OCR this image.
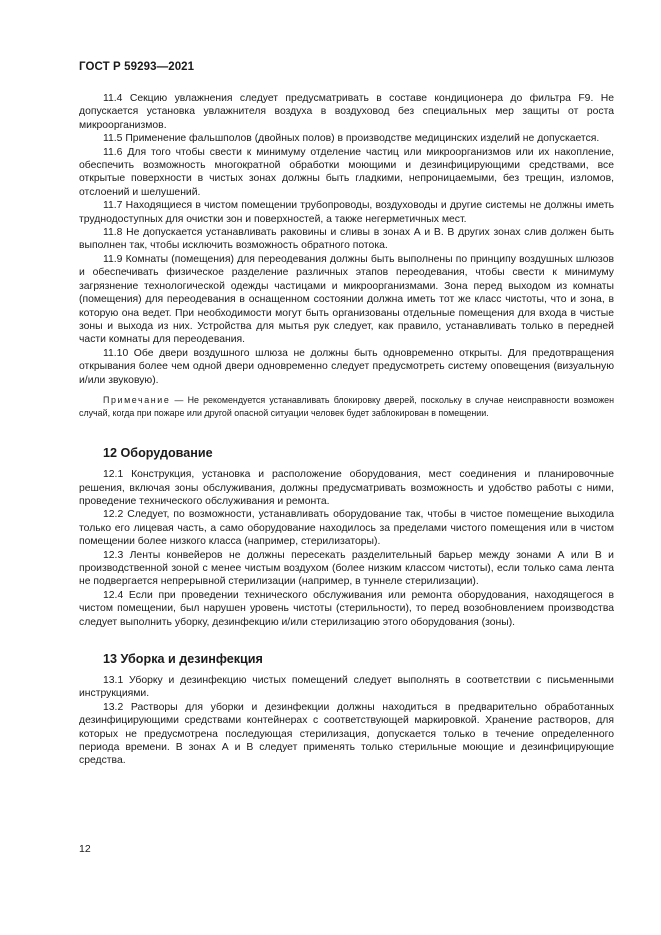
ГОСТ Р 59293—2021

11.4 Секцию увлажнения следует предусматривать в составе кондиционера до фильтра F9. Не допускается установка увлажнителя воздуха в воздуховод без специальных мер защиты от роста микроорганизмов.

11.5 Применение фальшполов (двойных полов) в производстве медицинских изделий не допускается.

11.6 Для того чтобы свести к минимуму отделение частиц или микроорганизмов или их накопление, обеспечить возможность многократной обработки моющими и дезинфицирующими средствами, все открытые поверхности в чистых зонах должны быть гладкими, непроницаемыми, без трещин, изломов, отслоений и шелушений.

11.7 Находящиеся в чистом помещении трубопроводы, воздуховоды и другие системы не должны иметь труднодоступных для очистки зон и поверхностей, а также негерметичных мест.

11.8 Не допускается устанавливать раковины и сливы в зонах А и В. В других зонах слив должен быть выполнен так, чтобы исключить возможность обратного потока.

11.9 Комнаты (помещения) для переодевания должны быть выполнены по принципу воздушных шлюзов и обеспечивать физическое разделение различных этапов переодевания, чтобы свести к минимуму загрязнение технологической одежды частицами и микроорганизмами. Зона перед выходом из комнаты (помещения) для переодевания в оснащенном состоянии должна иметь тот же класс чистоты, что и зона, в которую она ведет. При необходимости могут быть организованы отдельные помещения для входа в чистые зоны и выхода из них. Устройства для мытья рук следует, как правило, устанавливать только в передней части комнаты для переодевания.

11.10 Обе двери воздушного шлюза не должны быть одновременно открыты. Для предотвращения открывания более чем одной двери одновременно следует предусмотреть систему оповещения (визуальную и/или звуковую).

Примечание — Не рекомендуется устанавливать блокировку дверей, поскольку в случае неисправности возможен случай, когда при пожаре или другой опасной ситуации человек будет заблокирован в помещении.

12 Оборудование

12.1 Конструкция, установка и расположение оборудования, мест соединения и планировочные решения, включая зоны обслуживания, должны предусматривать возможность и удобство работы с ними, проведение технического обслуживания и ремонта.

12.2 Следует, по возможности, устанавливать оборудование так, чтобы в чистое помещение выходила только его лицевая часть, а само оборудование находилось за пределами чистого помещения или в чистом помещении более низкого класса (например, стерилизаторы).

12.3 Ленты конвейеров не должны пересекать разделительный барьер между зонами А или В и производственной зоной с менее чистым воздухом (более низким классом чистоты), если только сама лента не подвергается непрерывной стерилизации (например, в туннеле стерилизации).

12.4 Если при проведении технического обслуживания или ремонта оборудования, находящегося в чистом помещении, был нарушен уровень чистоты (стерильности), то перед возобновлением производства следует выполнить уборку, дезинфекцию и/или стерилизацию этого оборудования (зоны).

13 Уборка и дезинфекция

13.1 Уборку и дезинфекцию чистых помещений следует выполнять в соответствии с письменными инструкциями.

13.2 Растворы для уборки и дезинфекции должны находиться в предварительно обработанных дезинфицирующими средствами контейнерах с соответствующей маркировкой. Хранение растворов, для которых не предусмотрена последующая стерилизация, допускается только в течение определенного периода времени. В зонах А и В следует применять только стерильные моющие и дезинфицирующие средства.

12
